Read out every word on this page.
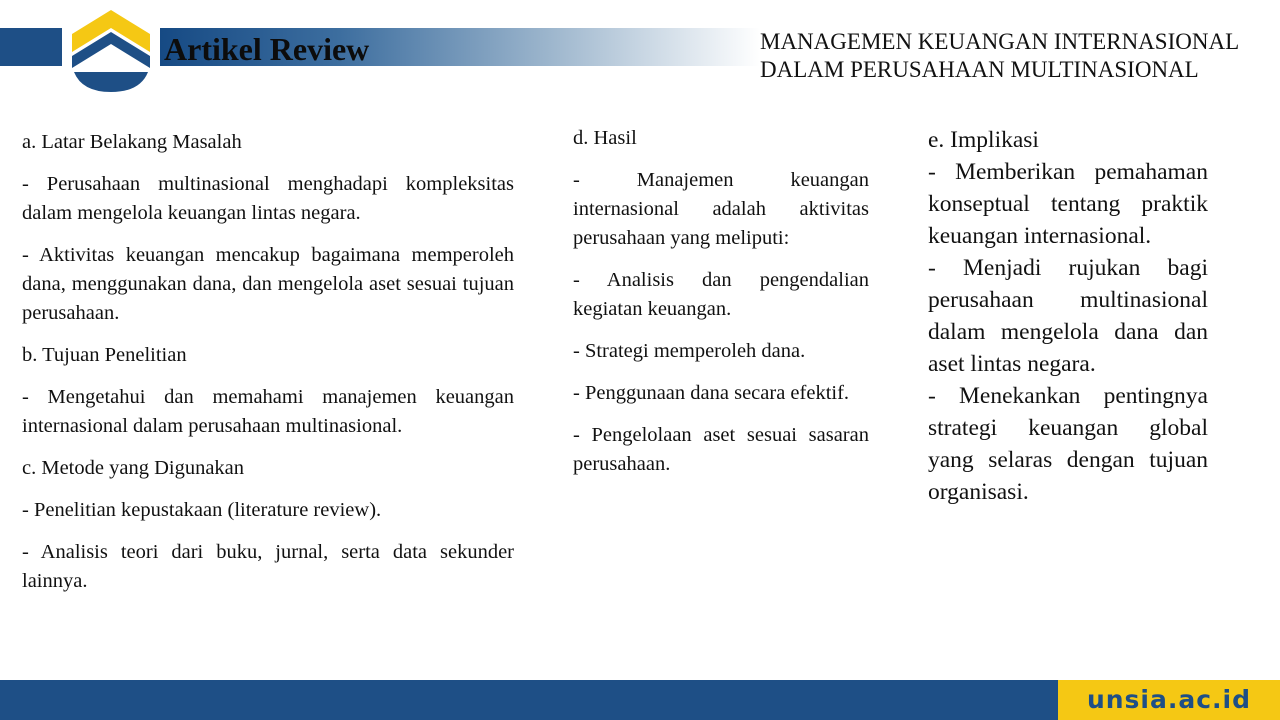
Artikel Review	MANAGEMEN KEUANGAN INTERNASIONAL
DALAM PERUSAHAAN MULTINASIONAL

a. Latar Belakang Masalah

- Perusahaan multinasional menghadapi kompleksitas dalam mengelola keuangan lintas negara.

- Aktivitas keuangan mencakup bagaimana memperoleh dana, menggunakan dana, dan mengelola aset sesuai tujuan perusahaan.

b. Tujuan Penelitian

- Mengetahui dan memahami manajemen keuangan internasional dalam perusahaan multinasional.

c. Metode yang Digunakan

- Penelitian kepustakaan (literature review).

- Analisis teori dari buku, jurnal, serta data sekunder lainnya.

d. Hasil

- Manajemen keuangan internasional adalah aktivitas perusahaan yang meliputi:

- Analisis dan pengendalian kegiatan keuangan.

- Strategi memperoleh dana.

- Penggunaan dana secara efektif.

- Pengelolaan aset sesuai sasaran perusahaan.

e. Implikasi

- Memberikan pemahaman konseptual tentang praktik keuangan internasional.

- Menjadi rujukan bagi perusahaan multinasional dalam mengelola dana dan aset lintas negara.

- Menekankan pentingnya strategi keuangan global yang selaras dengan tujuan organisasi.

unsia.ac.id
